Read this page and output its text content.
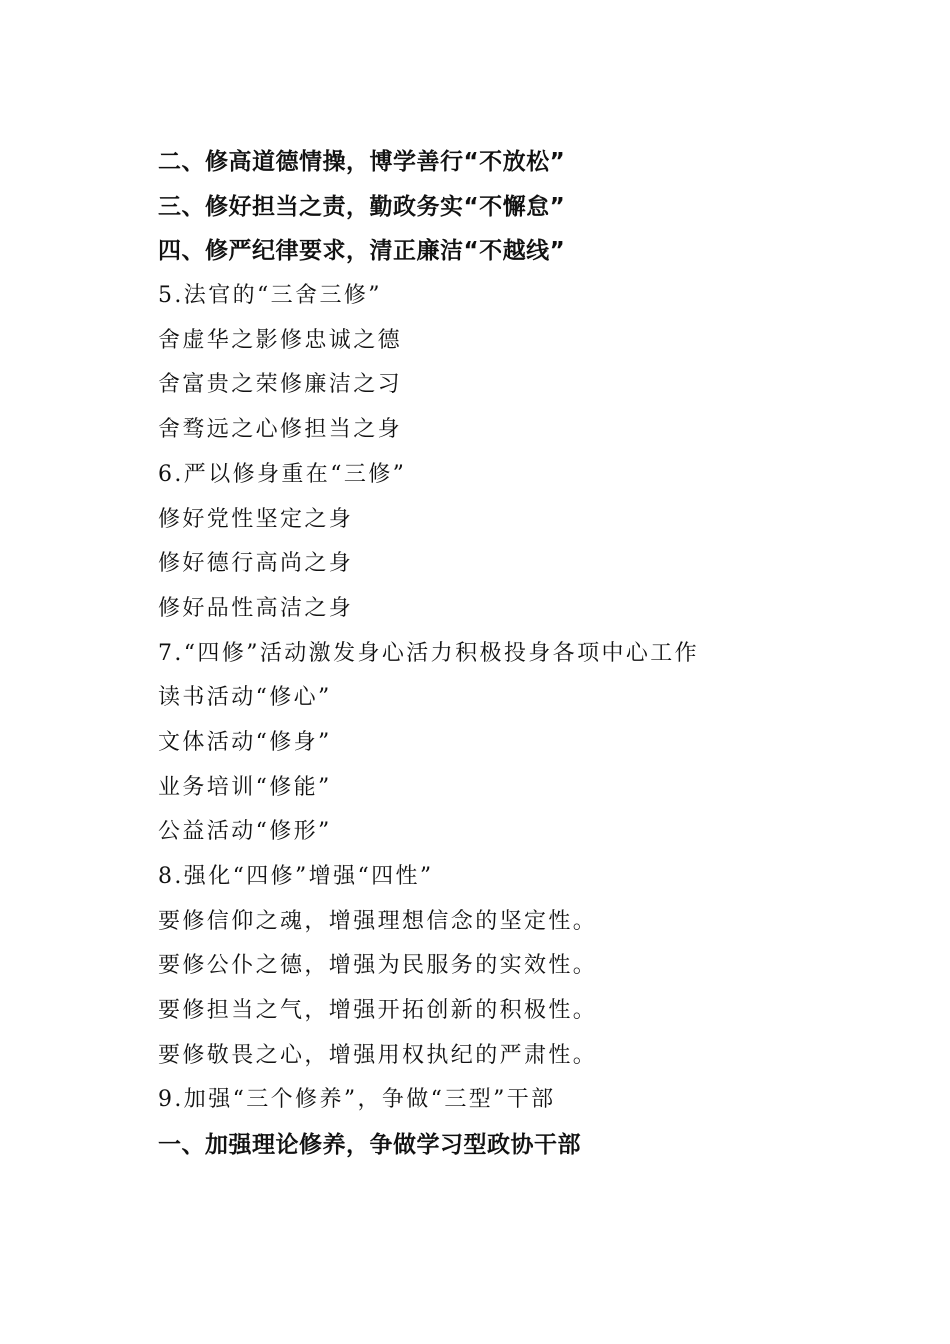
二、修高道德情操，博学善行“不放松”
三、修好担当之责，勤政务实“不懈怠”
四、修严纪律要求，清正廉洁“不越线”
5.法官的“三舍三修”
舍虚华之影修忠诚之德
舍富贵之荣修廉洁之习
舍骛远之心修担当之身
6.严以修身重在“三修”
修好党性坚定之身
修好德行高尚之身
修好品性高洁之身
7.“四修”活动激发身心活力积极投身各项中心工作
读书活动“修心”
文体活动“修身”
业务培训“修能”
公益活动“修形”
8.强化“四修”增强“四性”
要修信仰之魂，增强理想信念的坚定性。
要修公仆之德，增强为民服务的实效性。
要修担当之气，增强开拓创新的积极性。
要修敬畏之心，增强用权执纪的严肃性。
9.加强“三个修养”，争做“三型”干部
一、加强理论修养，争做学习型政协干部
